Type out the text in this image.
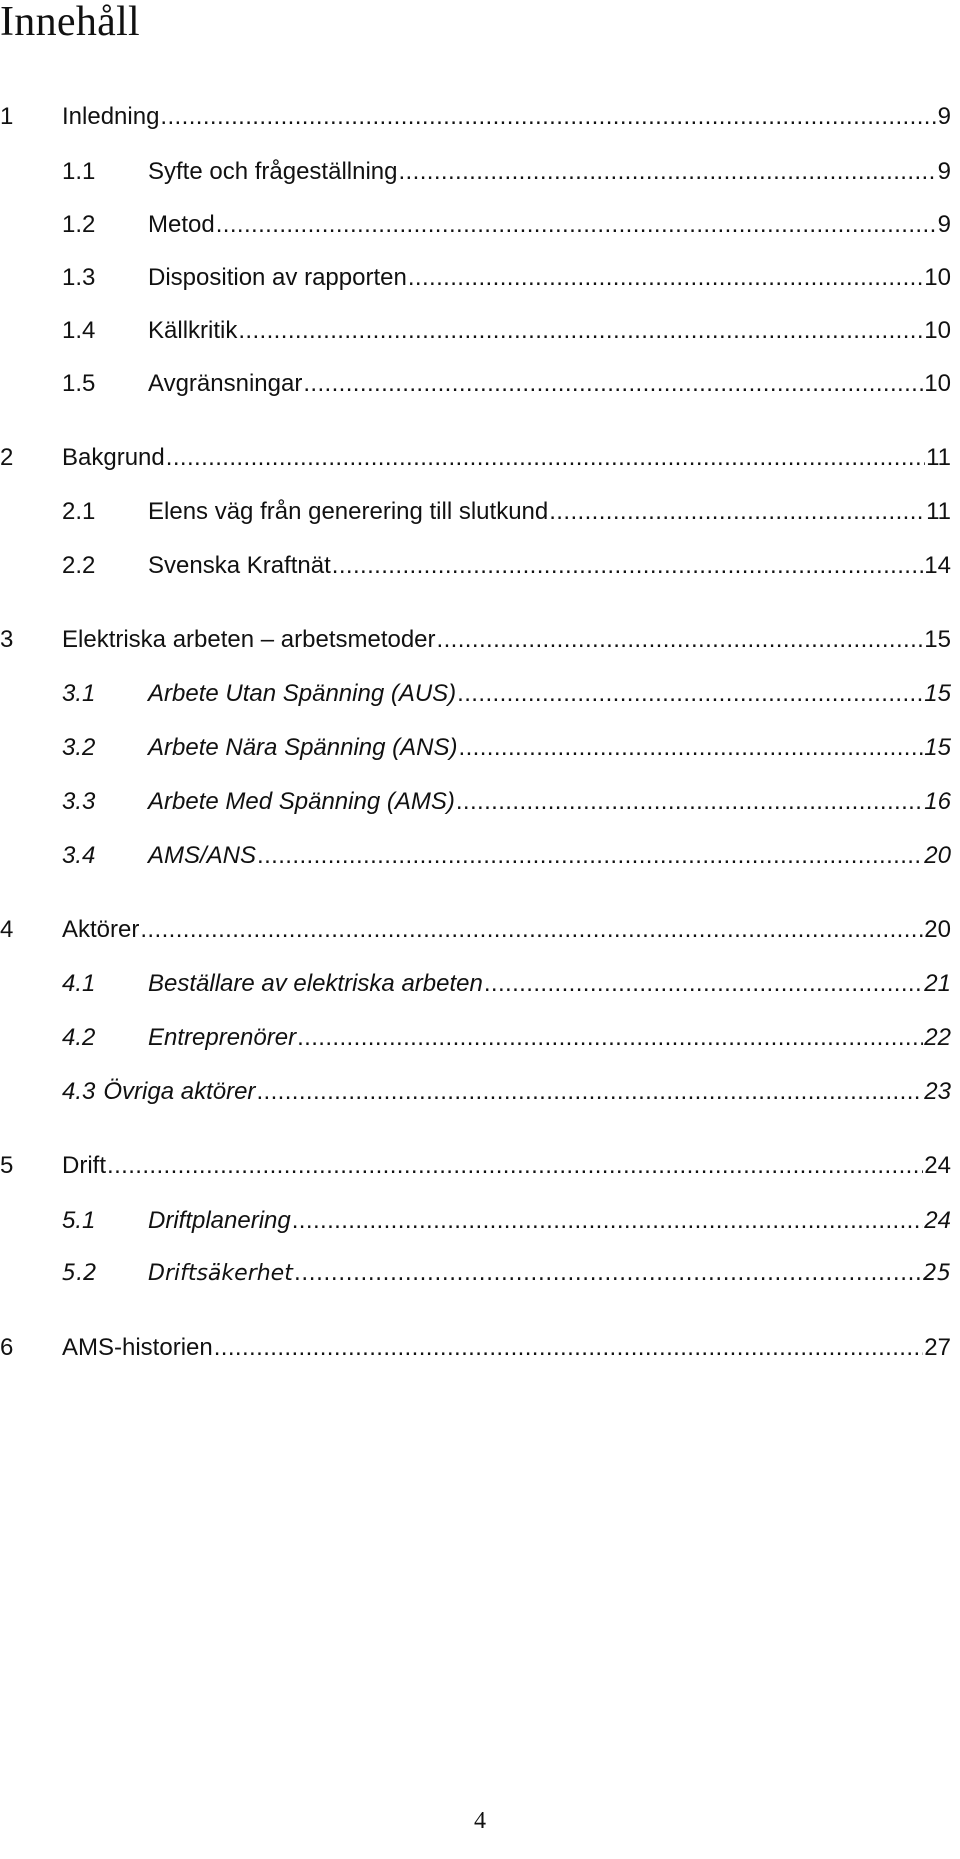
Innehåll
1	Inledning .....	9
1.1	Syfte och frågeställning .....	9
1.2	Metod .....	9
1.3	Disposition av rapporten .....	10
1.4	Källkritik .....	10
1.5	Avgränsningar .....	10
2	Bakgrund .....	11
2.1	Elens väg från generering till slutkund .....	11
2.2	Svenska Kraftnät .....	14
3	Elektriska arbeten – arbetsmetoder .....	15
3.1	Arbete Utan Spänning (AUS) .....	15
3.2	Arbete Nära Spänning (ANS) .....	15
3.3	Arbete Med Spänning (AMS) .....	16
3.4	AMS/ANS .....	20
4	Aktörer .....	20
4.1	Beställare av elektriska arbeten .....	21
4.2	Entreprenörer .....	22
4.3 Övriga aktörer .....	23
5	Drift .....	24
5.1	Driftplanering .....	24
5.2	Driftsäkerhet .....	25
6	AMS-historien .....	27
4
